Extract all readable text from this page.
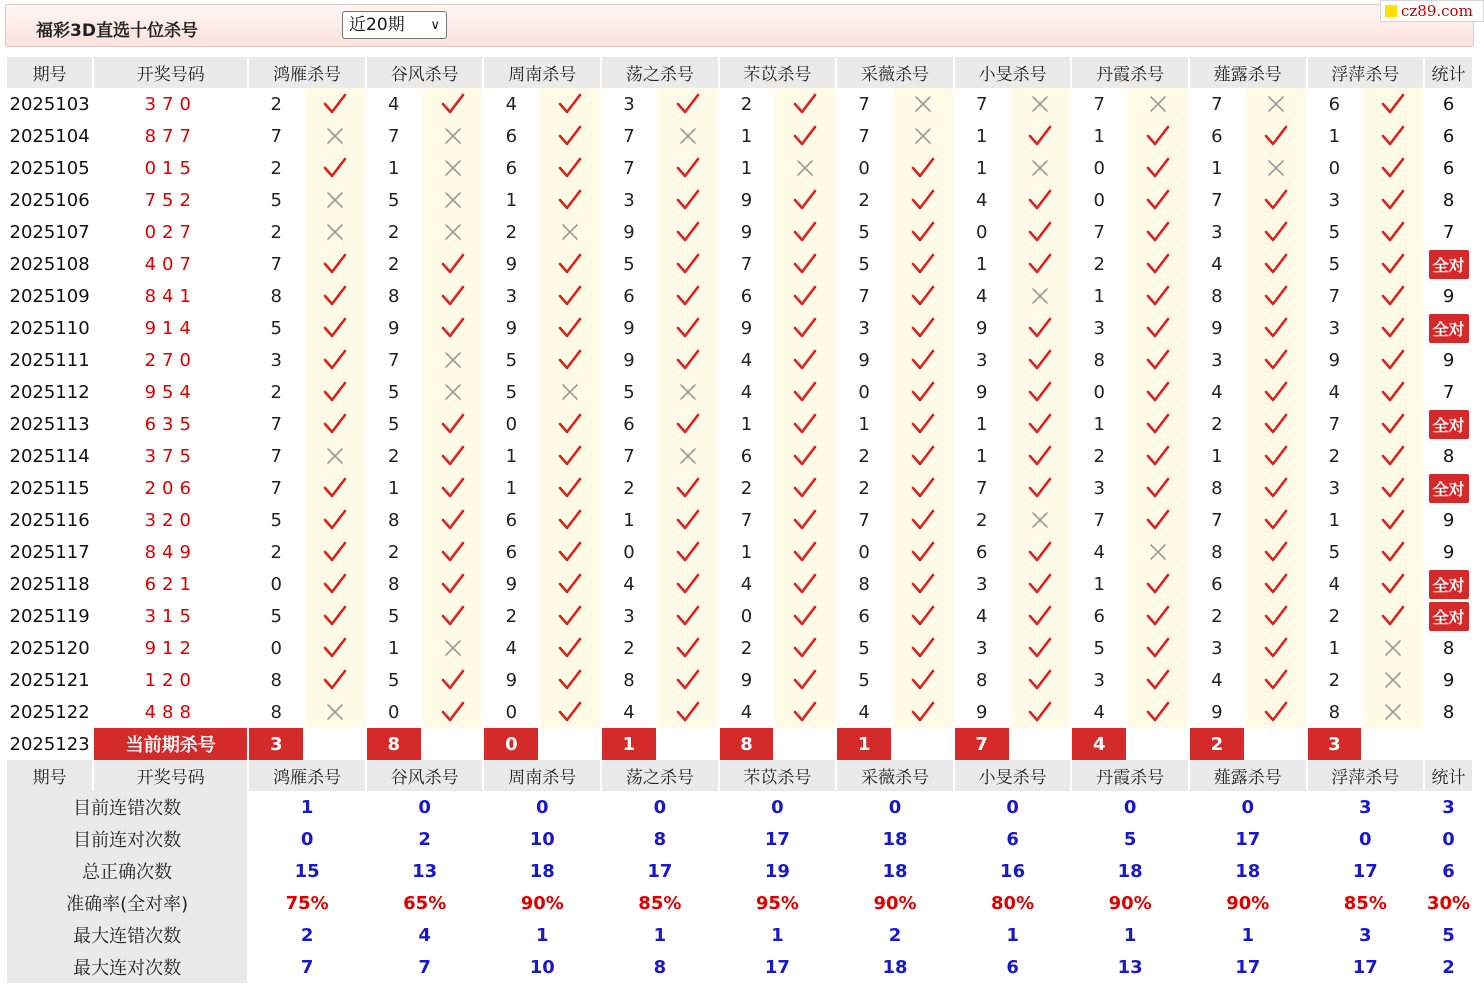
福彩3D直选十位杀号	近20期 ∨
cz89.com
期号	开奖号码	鸿雁杀号		谷风杀号		周南杀号		荡之杀号		芣苡杀号		采薇杀号		小旻杀号		丹霞杀号		薤露杀号		浮萍杀号		统计
2025103	370	2		4		4		3		2		7		7		7		7		6		6
2025104	877	7		7		6		7		1		7		1		1		6		1		6
2025105	015	2		1		6		7		1		0		1		0		1		0		6
2025106	752	5		5		1		3		9		2		4		0		7		3		8
2025107	027	2		2		2		9		9		5		0		7		3		5		7
2025108	407	7		2		9		5		7		5		1		2		4		5		全对
2025109	841	8		8		3		6		6		7		4		1		8		7		9
2025110	914	5		9		9		9		9		3		9		3		9		3		全对
2025111	270	3		7		5		9		4		9		3		8		3		9		9
2025112	954	2		5		5		5		4		0		9		0		4		4		7
2025113	635	7		5		0		6		1		1		1		1		2		7		全对
2025114	375	7		2		1		7		6		2		1		2		1		2		8
2025115	206	7		1		1		2		2		2		7		3		8		3		全对
2025116	320	5		8		6		1		7		7		2		7		7		1		9
2025117	849	2		2		6		0		1		0		6		4		8		5		9
2025118	621	0		8		9		4		4		8		3		1		6		4		全对
2025119	315	5		5		2		3		0		6		4		6		2		2		全对
2025120	912	0		1		4		2		2		5		3		5		3		1		8
2025121	120	8		5		9		8		9		5		8		3		4		2		9
2025122	488	8		0		0		4		4		4		9		4		9		8		8
2025123	当前期杀号	3		8		0		1		8		1		7		4		2		3		
期号	开奖号码	鸿雁杀号		谷风杀号		周南杀号		荡之杀号		芣苡杀号		采薇杀号		小旻杀号		丹霞杀号		薤露杀号		浮萍杀号		统计
目前连错次数		1		0		0		0		0		0		0		0		0		3		3
目前连对次数		0		2		10		8		17		18		6		5		17		0		0
总正确次数		15		13		18		17		19		18		16		18		18		17		6
准确率(全对率)		75%		65%		90%		85%		95%		90%		80%		90%		90%		85%		30%
最大连错次数		2		4		1		1		1		2		1		1		1		3		5
最大连对次数		7		7		10		8		17		18		6		13		17		17		2
